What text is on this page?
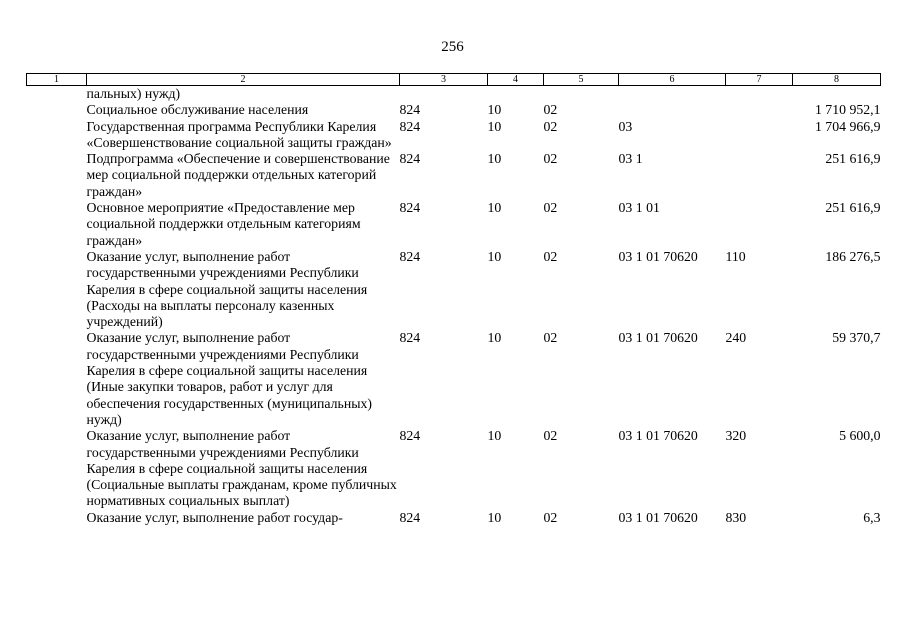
256
1	2	3	4	5	6	7	8
	пальных) нужд)						
	Социальное обслуживание населения	824	10	02			1 710 952,1
	Государственная программа Республики Карелия «Совершенствование социальной защиты граждан»	824	10	02	03		1 704 966,9
	Подпрограмма «Обеспечение и совершенствование мер социальной поддержки отдельных категорий граждан»	824	10	02	03 1		251 616,9
	Основное мероприятие «Предоставление мер социальной поддержки отдельным категориям граждан»	824	10	02	03 1 01		251 616,9
	Оказание услуг, выполнение работ государственными учреждениями Республики Карелия в сфере социальной защиты населения (Расходы на выплаты персоналу казенных учреждений)	824	10	02	03 1 01 70620	110	186 276,5
	Оказание услуг, выполнение работ государственными учреждениями Республики Карелия в сфере социальной защиты населения (Иные закупки товаров, работ и услуг для обеспечения государственных (муниципальных) нужд)	824	10	02	03 1 01 70620	240	59 370,7
	Оказание услуг, выполнение работ государственными учреждениями Республики Карелия в сфере социальной защиты населения (Социальные выплаты гражданам, кроме публичных нормативных социальных выплат)	824	10	02	03 1 01 70620	320	5 600,0
	Оказание услуг, выполнение работ государ-	824	10	02	03 1 01 70620	830	6,3
